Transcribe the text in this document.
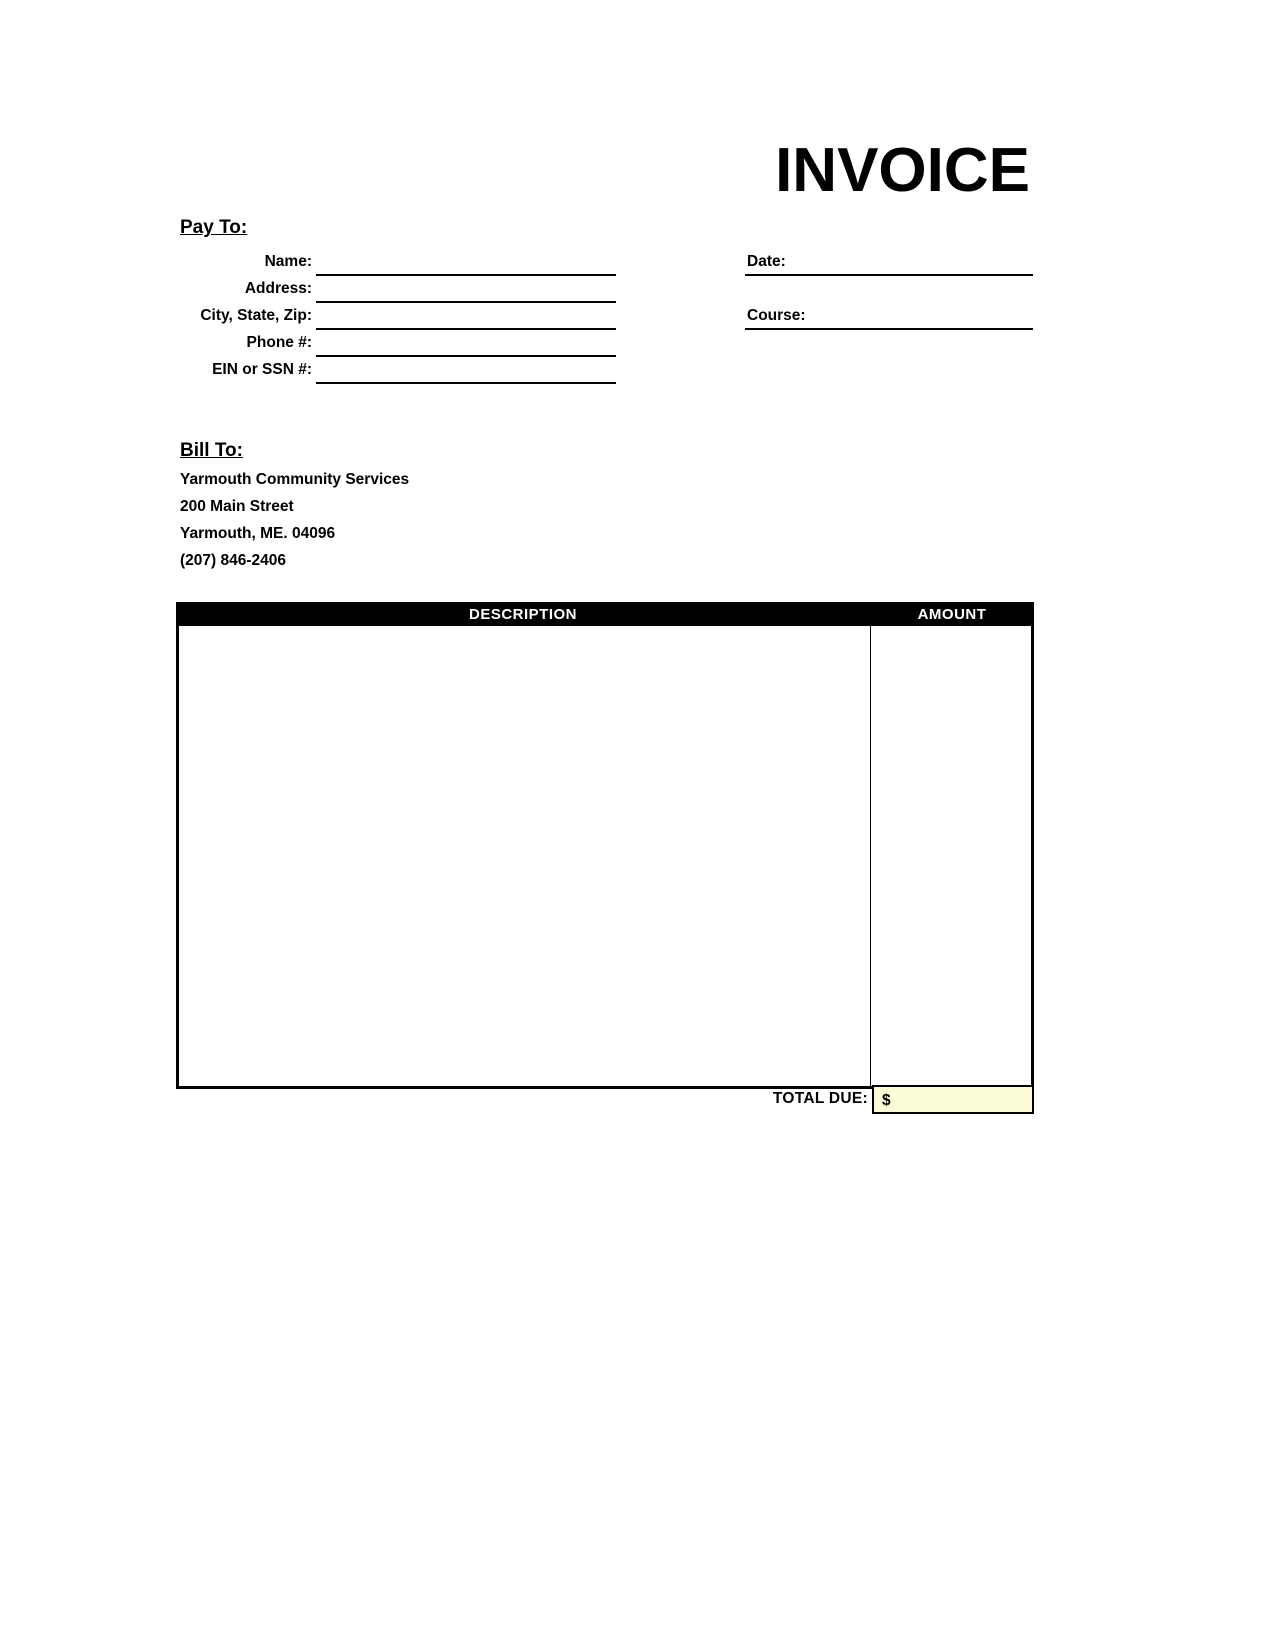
INVOICE
Pay To:
Name:
Address:
City, State, Zip:
Phone #:
EIN or SSN #:
Date:
Course:
Bill To:
Yarmouth Community Services
200 Main Street
Yarmouth, ME. 04096
(207) 846-2406
DESCRIPTION	AMOUNT
TOTAL DUE: $
